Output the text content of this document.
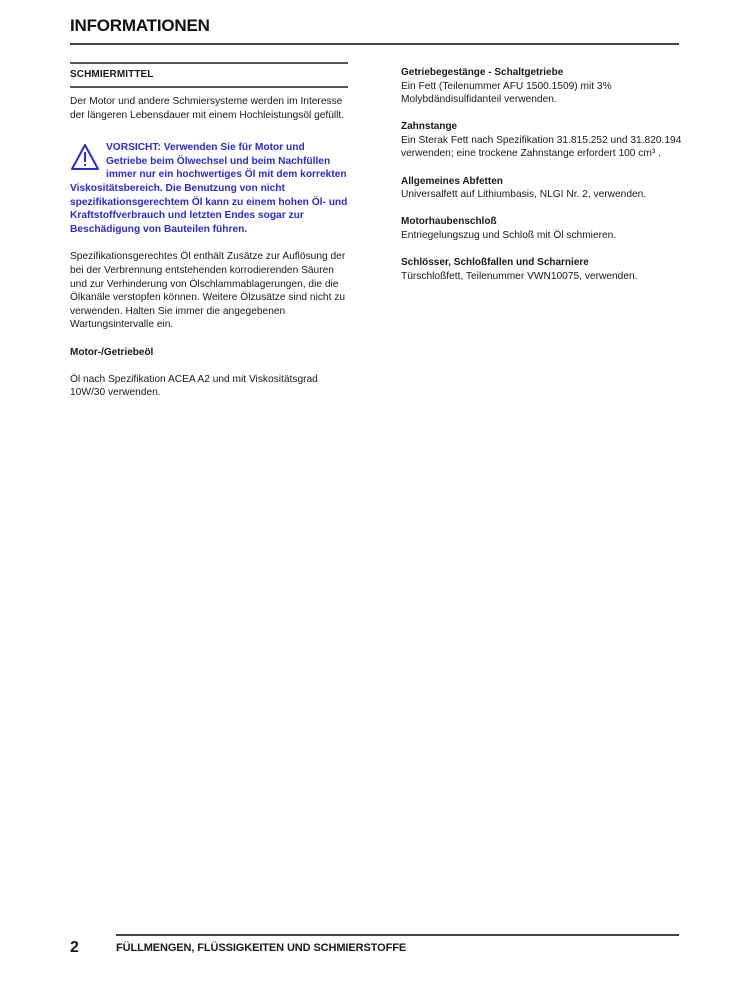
INFORMATIONEN
SCHMIERMITTEL

Der Motor und andere Schmiersysteme werden im Interesse der längeren Lebensdauer mit einem Hochleistungsöl gefüllt.

VORSICHT: Verwenden Sie für Motor und Getriebe beim Ölwechsel und beim Nachfüllen immer nur ein hochwertiges Öl mit dem korrekten Viskositätsbereich. Die Benutzung von nicht spezifikationsgerechtem Öl kann zu einem hohen Öl- und Kraftstoffverbrauch und letzten Endes sogar zur Beschädigung von Bauteilen führen.

Spezifikationsgerechtes Öl enthält Zusätze zur Auflösung der bei der Verbrennung entstehenden korrodierenden Säuren und zur Verhinderung von Ölschlammablagerungen, die die Ölkanäle verstopfen können. Weitere Ölzusätze sind nicht zu verwenden. Halten Sie immer die angegebenen Wartungsintervalle ein.

Motor-/Getriebeöl

Öl nach Spezifikation ACEA A2 und mit Viskositätsgrad 10W/30 verwenden.

Getriebegestänge - Schaltgetriebe

Ein Fett (Teilenummer AFU 1500.1509) mit 3% Molybdändisulfidanteil verwenden.

Zahnstange

Ein Sterak Fett nach Spezifikation 31.815.252 und 31.820.194 verwenden; eine trockene Zahnstange erfordert 100 cm³ .

Allgemeines Abfetten

Universalfett auf Lithiumbasis, NLGI Nr. 2, verwenden.

Motorhaubenschloß

Entriegelungszug und Schloß mit Öl schmieren.

Schlösser, Schloßfallen und Scharniere

Türschloßfett, Teilenummer VWN10075, verwenden.

2	FÜLLMENGEN, FLÜSSIGKEITEN UND SCHMIERSTOFFE
